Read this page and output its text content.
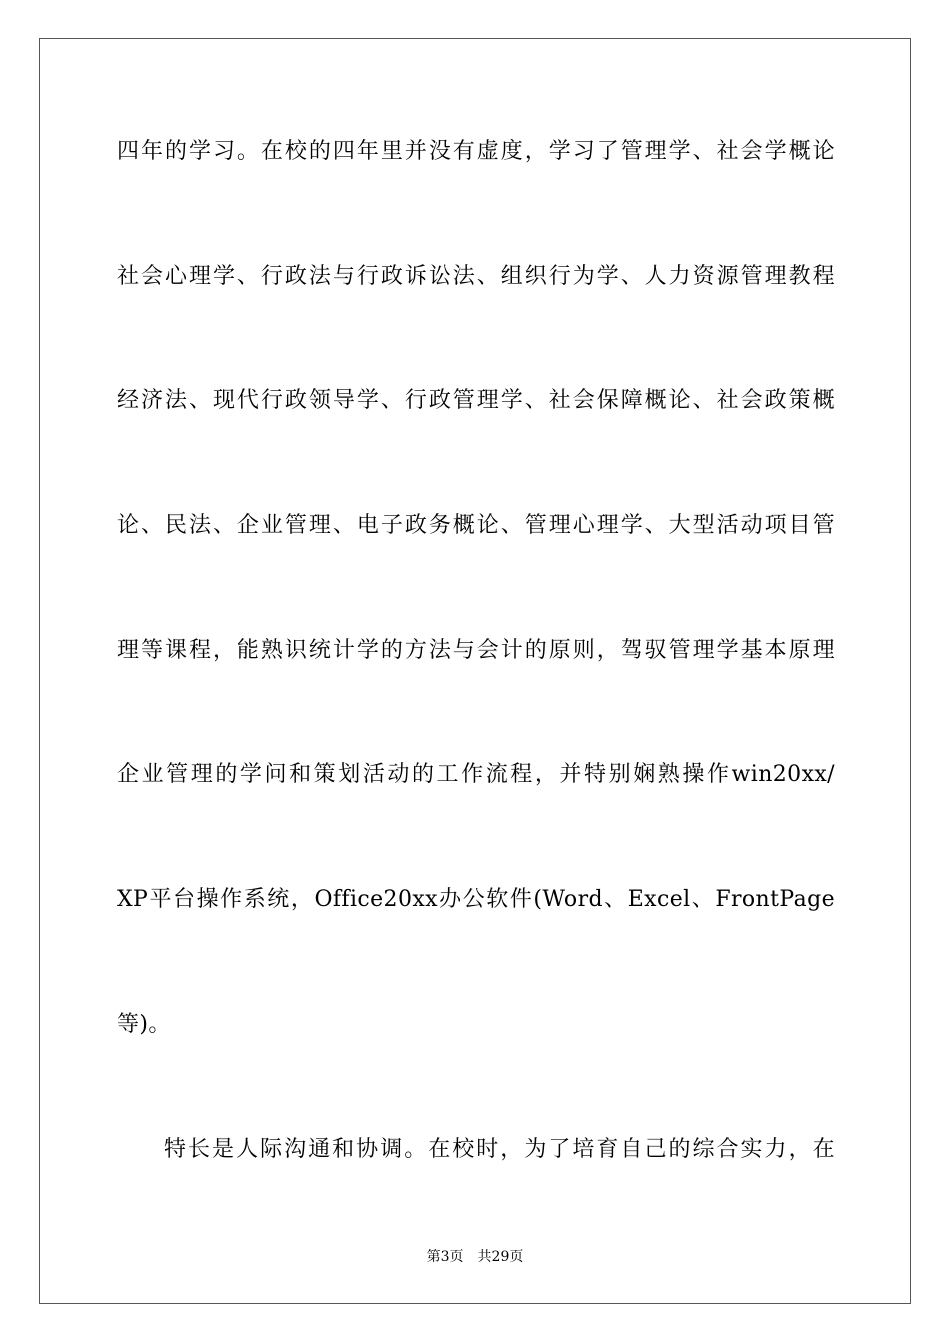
四年的学习。在校的四年里并没有虚度，学习了管理学、社会学概论
社会心理学、行政法与行政诉讼法、组织行为学、人力资源管理教程
经济法、现代行政领导学、行政管理学、社会保障概论、社会政策概
论、民法、企业管理、电子政务概论、管理心理学、大型活动项目管
理等课程，能熟识统计学的方法与会计的原则，驾驭管理学基本原理
企业管理的学问和策划活动的工作流程，并特别娴熟操作win20xx/
XP平台操作系统，Office20xx办公软件(Word、Excel、FrontPage
等)。
特长是人际沟通和协调。在校时，为了培育自己的综合实力，在
第3页 共29页
